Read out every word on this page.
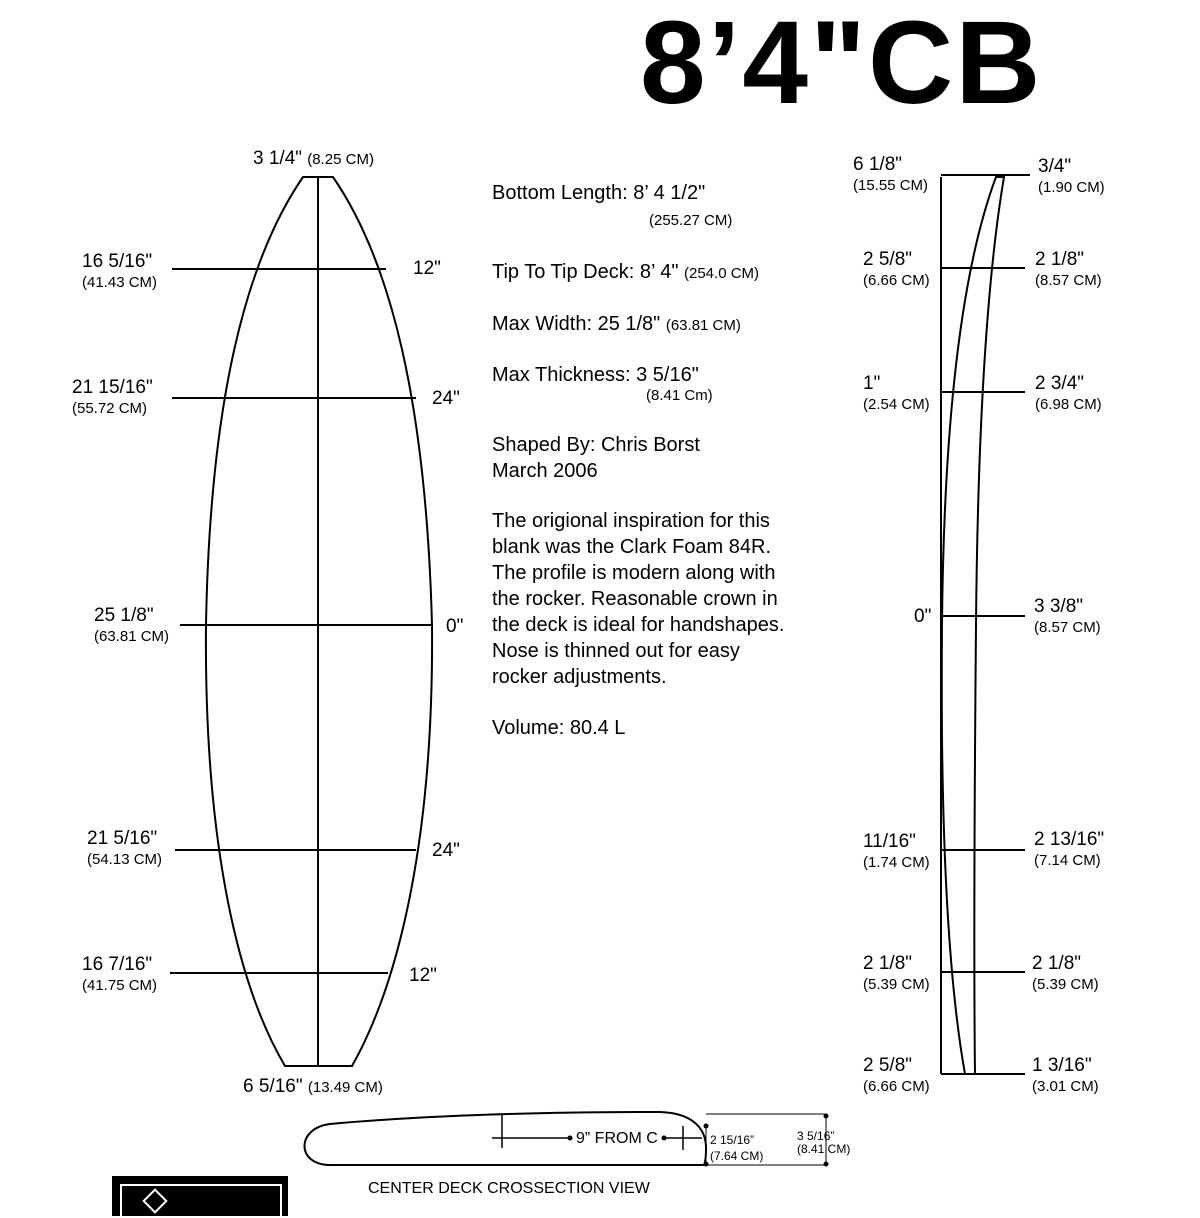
8’4"CB
3 1/4" (8.25 CM)
6 5/16" (13.49 CM)
16 5/16"
(41.43 CM)
12"
21 15/16"
(55.72 CM)	24"
25 1/8"
(63.81 CM)	0"
21 5/16"
(54.13 CM)	24"
16 7/16"
(41.75 CM)	12"
Bottom Length: 8’ 4 1/2"
(255.27 CM)
Tip To Tip Deck: 8’ 4" (254.0 CM)
Max Width: 25 1/8" (63.81 CM)
Max Thickness: 3 5/16"
(8.41 Cm)
Shaped By: Chris Borst
March 2006
The origional inspiration for this
blank was the Clark Foam 84R.
The profile is modern along with
the rocker. Reasonable crown in
the deck is ideal for handshapes.
Nose is thinned out for easy
rocker adjustments.
Volume: 80.4 L
6 1/8"
(15.55 CM)
2 5/8"
(6.66 CM)
1"
(2.54 CM)
0"
11/16"
(1.74 CM)
2 1/8"
(5.39 CM)
2 5/8"
(6.66 CM)
3/4"
(1.90 CM)
2 1/8"
(8.57 CM)
2 3/4"
(6.98 CM)
3 3/8"
(8.57 CM)
2 13/16"
(7.14 CM)
2 1/8"
(5.39 CM)
1 3/16"
(3.01 CM)
9” FROM C	2 15/16”
(7.64 CM)
3 5/16”
(8.41 CM)
CENTER DECK CROSSECTION VIEW
